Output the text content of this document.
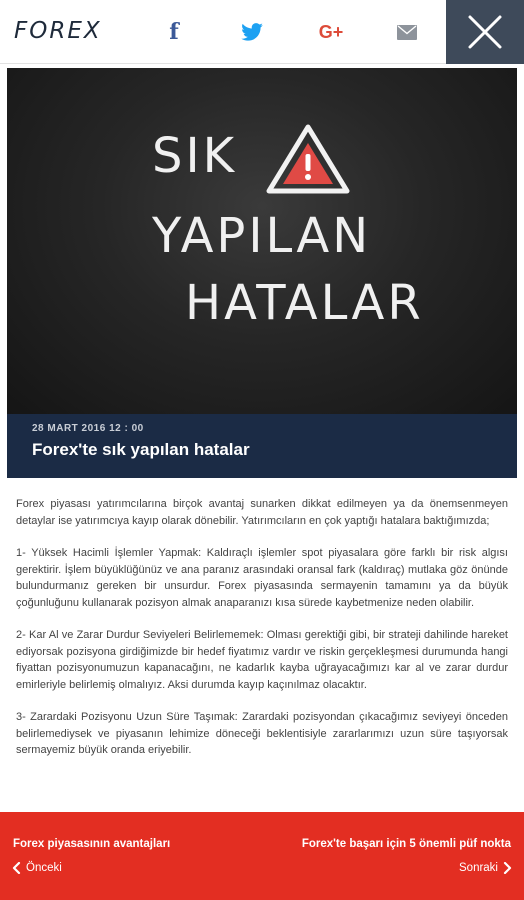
FOREX	f	G+
SIK
YAPILAN
HATALAR
28 MART 2016 12 : 00
Forex'te sık yapılan hatalar

Forex piyasası yatırımcılarına birçok avantaj sunarken dikkat edilmeyen ya da önemsenmeyen detaylar ise yatırımcıya kayıp olarak dönebilir. Yatırımcıların en çok yaptığı hatalara baktığımızda;

1- Yüksek Hacimli İşlemler Yapmak: Kaldıraçlı işlemler spot piyasalara göre farklı bir risk algısı gerektirir. İşlem büyüklüğünüz ve ana paranız arasındaki oransal fark (kaldıraç) mutlaka göz önünde bulundurmanız gereken bir unsurdur. Forex piyasasında sermayenin tamamını ya da büyük çoğunluğunu kullanarak pozisyon almak anaparanızı kısa sürede kaybetmenize neden olabilir.

2- Kar Al ve Zarar Durdur Seviyeleri Belirlememek: Olması gerektiği gibi, bir strateji dahilinde hareket ediyorsak pozisyona girdiğimizde bir hedef fiyatımız vardır ve riskin gerçekleşmesi durumunda hangi fiyattan pozisyonumuzun kapanacağını, ne kadarlık kayba uğrayacağımızı kar al ve zarar durdur emirleriyle belirlemiş olmalıyız. Aksi durumda kayıp kaçınılmaz olacaktır.

3- Zarardaki Pozisyonu Uzun Süre Taşımak: Zarardaki pozisyondan çıkacağımız seviyeyi önceden belirlemediysek ve piyasanın lehimize döneceği beklentisiyle zararlarımızı uzun süre taşıyorsak sermayemiz büyük oranda eriyebilir.

Forex piyasasının avantajları	Forex'te başarı için 5 önemli püf nokta
Önceki	Sonraki
